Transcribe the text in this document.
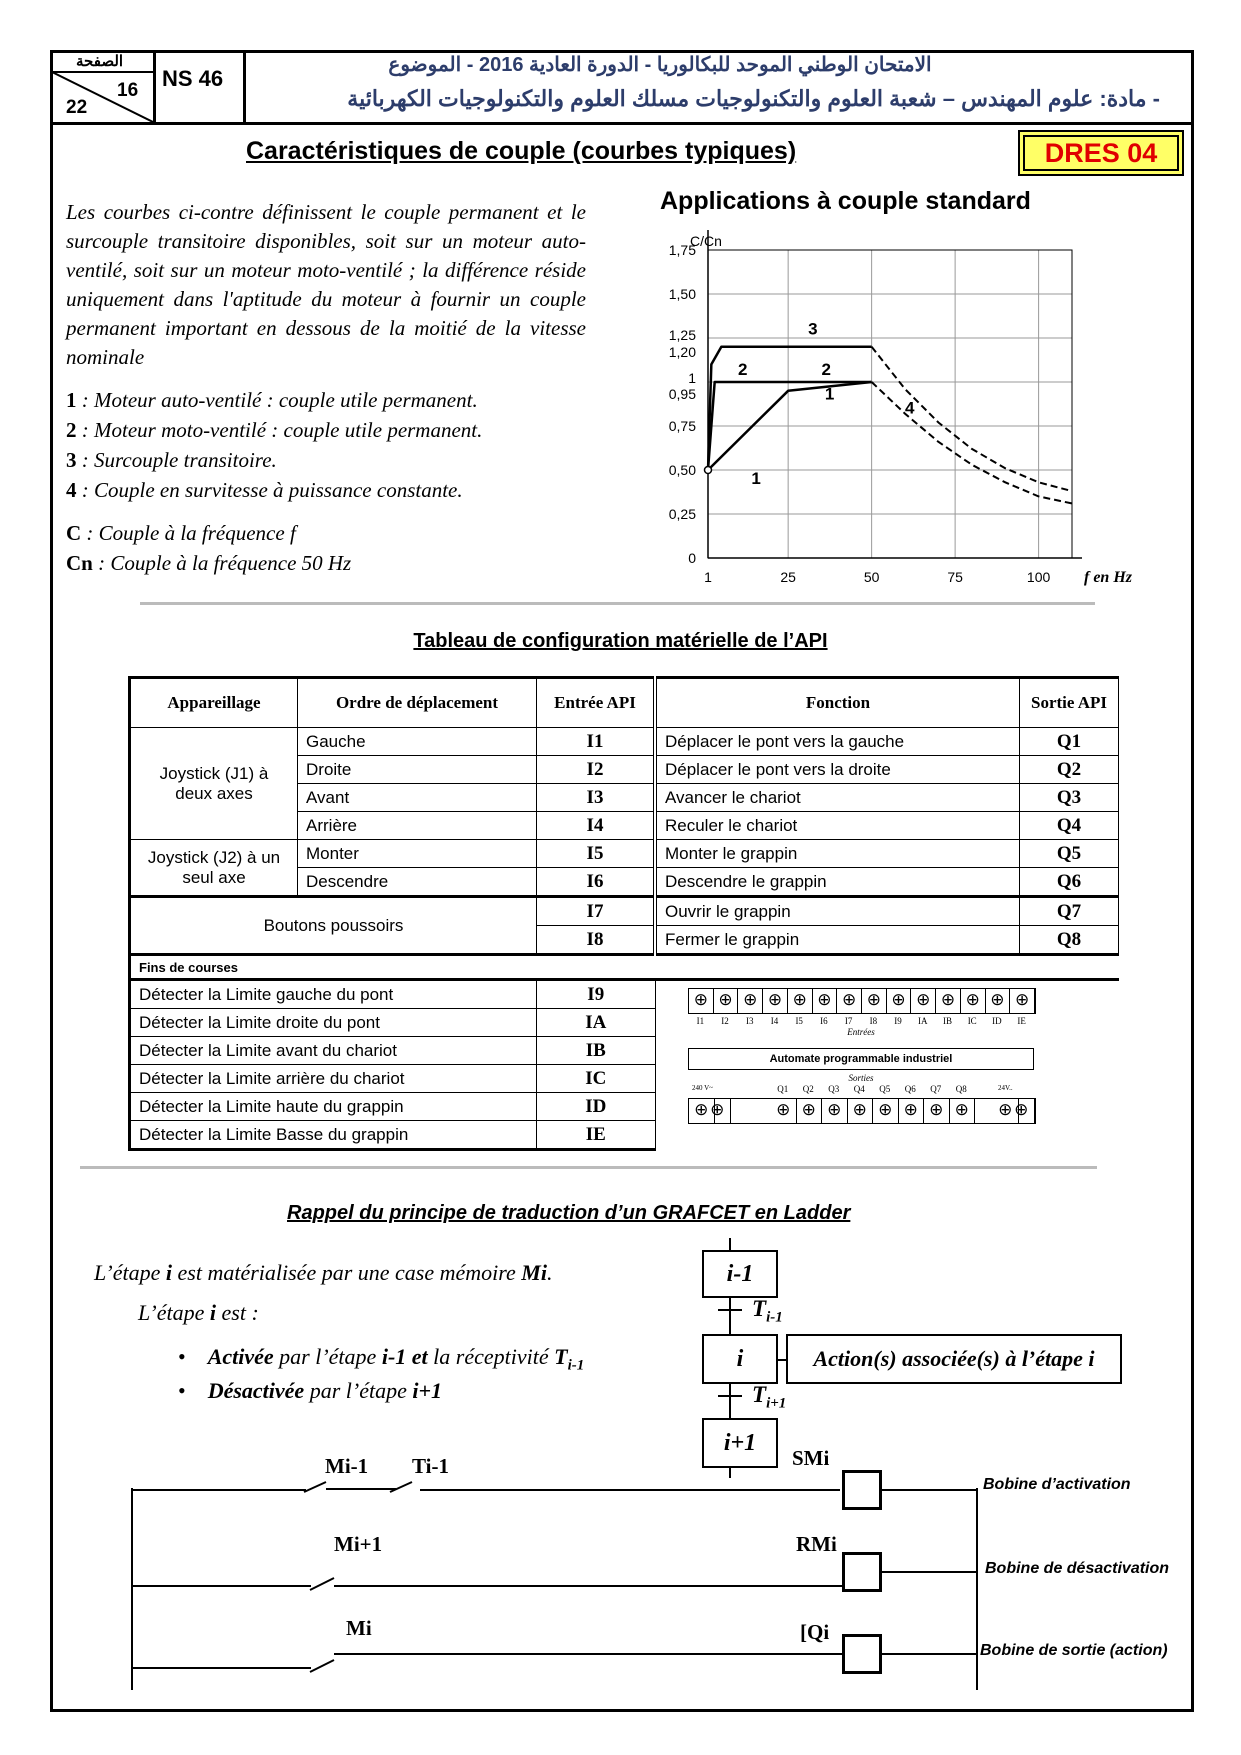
الصفحة
16
22
NS 46
الامتحان الوطني الموحد للبكالوريا - الدورة العادية 2016 - الموضوع
- مادة: علوم المهندس – شعبة العلوم والتكنولوجيات مسلك العلوم والتكنولوجيات الكهربائية
DRES 04
Caractéristiques de couple (courbes typiques)
Les courbes ci-contre définissent le couple permanent et le surcouple transitoire disponibles, soit sur un moteur auto-ventilé, soit sur un moteur moto-ventilé ; la différence réside uniquement dans l'aptitude du moteur à fournir un couple permanent important en dessous de la moitié de la vitesse nominale
1 : Moteur auto-ventilé : couple utile permanent.
2 : Moteur moto-ventilé : couple utile permanent.
3 : Surcouple transitoire.
4 : Couple en survitesse à puissance constante.
C : Couple à la fréquence f
Cn : Couple à la fréquence 50 Hz
Applications à couple standard
0
0,25
0,50
0,75
0,95
1
1,20
1,25
1,50
1,75
1	25	50	75	100
C/Cn
f en Hz
1
1
2	2
3
4
Tableau de configuration matérielle de l’API
Appareillage	Ordre de déplacement	Entrée API	Fonction	Sortie API
Joystick (J1) à deux axes	Gauche	I1	Déplacer le pont vers la gauche	Q1
	Droite	I2	Déplacer le pont vers la droite	Q2
	Avant	I3	Avancer le chariot	Q3
	Arrière	I4	Reculer le chariot	Q4
Joystick (J2) à un seul axe	Monter	I5	Monter le grappin	Q5
	Descendre	I6	Descendre le grappin	Q6
Boutons poussoirs		I7	Ouvrir le grappin	Q7
		I8	Fermer le grappin	Q8
Fins de courses				
Détecter la Limite gauche du pont		I9		
Détecter la Limite droite du pont		IA		
Détecter la Limite avant du chariot		IB		
Détecter la Limite arrière du chariot		IC		
Détecter la Limite haute du grappin		ID		
Détecter la Limite Basse du grappin		IE		
⊕ ⊕ ⊕ ⊕ ⊕ ⊕ ⊕ ⊕ ⊕ ⊕ ⊕ ⊕ ⊕ ⊕
I1	I2	I3	I4	I5	I6	I7	I8	I9	IA	IB	IC	ID	IE
Entrées
Automate programmable industriel
Sorties
240 V~	24V..
Q1	Q2	Q3	Q4	Q5	Q6	Q7	Q8
⊕ ⊕	⊕ ⊕ ⊕ ⊕ ⊕ ⊕ ⊕ ⊕	⊕ ⊕
Rappel du principe de traduction d’un GRAFCET en Ladder
L’étape i est matérialisée par une case mémoire Mi.
L’étape i est :
•    Activée par l’étape i-1 et la réceptivité $T_{i-1}$
•    Désactivée par l’étape i+1
i-1
i
i+1
Action(s) associée(s) à l’étape i
$T_{i-1}$
$T_{i+1}$
Mi-1 Ti-1	SMi
Bobine d’activation
Mi+1	RMi
Bobine de désactivation
Mi	[Qi
Bobine de sortie (action)
